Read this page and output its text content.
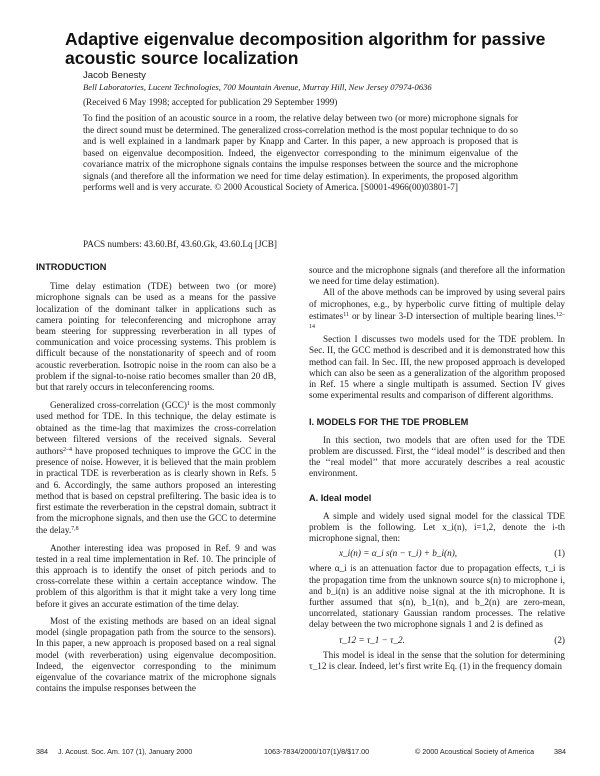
Adaptive eigenvalue decomposition algorithm for passive acoustic source localization
Jacob Benesty
Bell Laboratories, Lucent Technologies, 700 Mountain Avenue, Murray Hill, New Jersey 07974-0636
(Received 6 May 1998; accepted for publication 29 September 1999)
To find the position of an acoustic source in a room, the relative delay between two (or more) microphone signals for the direct sound must be determined. The generalized cross-correlation method is the most popular technique to do so and is well explained in a landmark paper by Knapp and Carter. In this paper, a new approach is proposed that is based on eigenvalue decomposition. Indeed, the eigenvector corresponding to the minimum eigenvalue of the covariance matrix of the microphone signals contains the impulse responses between the source and the microphone signals (and therefore all the information we need for time delay estimation). In experiments, the proposed algorithm performs well and is very accurate. © 2000 Acoustical Society of America. [S0001-4966(00)03801-7]
PACS numbers: 43.60.Bf, 43.60.Gk, 43.60.Lq [JCB]
INTRODUCTION

Time delay estimation (TDE) between two (or more) microphone signals can be used as a means for the passive localization of the dominant talker in applications such as camera pointing for teleconferencing and microphone array beam steering for suppressing reverberation in all types of communication and voice processing systems. This problem is difficult because of the nonstationarity of speech and of room acoustic reverberation. Isotropic noise in the room can also be a problem if the signal-to-noise ratio becomes smaller than 20 dB, but that rarely occurs in teleconferencing rooms.

Generalized cross-correlation (GCC)$^1$ is the most commonly used method for TDE. In this technique, the delay estimate is obtained as the time-lag that maximizes the cross-correlation between filtered versions of the received signals. Several authors$^{2-4}$ have proposed techniques to improve the GCC in the presence of noise. However, it is believed that the main problem in practical TDE is reverberation as is clearly shown in Refs. 5 and 6. Accordingly, the same authors proposed an interesting method that is based on cepstral prefiltering. The basic idea is to first estimate the reverberation in the cepstral domain, subtract it from the microphone signals, and then use the GCC to determine the delay.$^{7,8}$

Another interesting idea was proposed in Ref. 9 and was tested in a real time implementation in Ref. 10. The principle of this approach is to identify the onset of pitch periods and to cross-correlate these within a certain acceptance window. The problem of this algorithm is that it might take a very long time before it gives an accurate estimation of the time delay.

Most of the existing methods are based on an ideal signal model (single propagation path from the source to the sensors). In this paper, a new approach is proposed based on a real signal model (with reverberation) using eigenvalue decomposition. Indeed, the eigenvector corresponding to the minimum eigenvalue of the covariance matrix of the microphone signals contains the impulse responses between the

source and the microphone signals (and therefore all the information we need for time delay estimation).

All of the above methods can be improved by using several pairs of microphones, e.g., by hyperbolic curve fitting of multiple delay estimates$^{11}$ or by linear 3-D intersection of multiple bearing lines.$^{12-14}$

Section I discusses two models used for the TDE problem. In Sec. II, the GCC method is described and it is demonstrated how this method can fail. In Sec. III, the new proposed approach is developed which can also be seen as a generalization of the algorithm proposed in Ref. 15 where a single multipath is assumed. Section IV gives some experimental results and comparison of different algorithms.

I. MODELS FOR THE TDE PROBLEM

In this section, two models that are often used for the TDE problem are discussed. First, the ‘‘ideal model’’ is described and then the ‘‘real model’’ that more accurately describes a real acoustic environment.

A. Ideal model

A simple and widely used signal model for the classical TDE problem is the following. Let x_i(n), i=1,2, denote the i-th microphone signal, then:

x_i(n) = α_i s(n − τ_i) + b_i(n),	(1)

where α_i is an attenuation factor due to propagation effects, τ_i is the propagation time from the unknown source s(n) to microphone i, and b_i(n) is an additive noise signal at the ith microphone. It is further assumed that s(n), b_1(n), and b_2(n) are zero-mean, uncorrelated, stationary Gaussian random processes. The relative delay between the two microphone signals 1 and 2 is defined as

τ_12 = τ_1 − τ_2.	(2)

This model is ideal in the sense that the solution for determining τ_12 is clear. Indeed, let’s first write Eq. (1) in the frequency domain

384 J. Acoust. Soc. Am. 107 (1), January 2000	1063-7834/2000/107(1)/8/$17.00	© 2000 Acoustical Society of America	384
